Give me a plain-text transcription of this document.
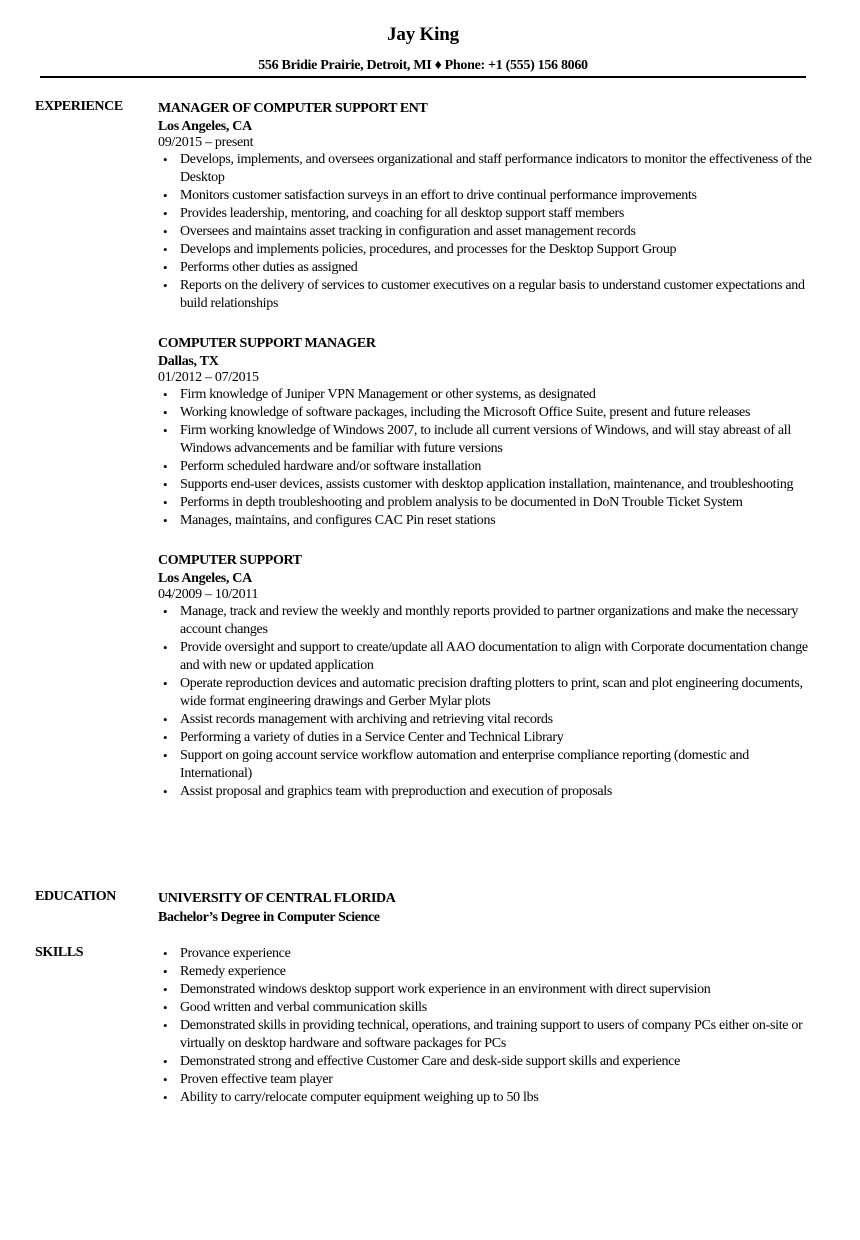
Jay King
556 Bridie Prairie, Detroit, MI ♦ Phone: +1 (555) 156 8060
EXPERIENCE	MANAGER OF COMPUTER SUPPORT ENT
Los Angeles, CA
09/2015 – present
• Develops, implements, and oversees organizational and staff performance indicators to monitor the effectiveness of the Desktop
• Monitors customer satisfaction surveys in an effort to drive continual performance improvements
• Provides leadership, mentoring, and coaching for all desktop support staff members
• Oversees and maintains asset tracking in configuration and asset management records
• Develops and implements policies, procedures, and processes for the Desktop Support Group
• Performs other duties as assigned
• Reports on the delivery of services to customer executives on a regular basis to understand customer expectations and build relationships
COMPUTER SUPPORT MANAGER
Dallas, TX
01/2012 – 07/2015
• Firm knowledge of Juniper VPN Management or other systems, as designated
• Working knowledge of software packages, including the Microsoft Office Suite, present and future releases
• Firm working knowledge of Windows 2007, to include all current versions of Windows, and will stay abreast of all Windows advancements and be familiar with future versions
• Perform scheduled hardware and/or software installation
• Supports end-user devices, assists customer with desktop application installation, maintenance, and troubleshooting
• Performs in depth troubleshooting and problem analysis to be documented in DoN Trouble Ticket System
• Manages, maintains, and configures CAC Pin reset stations
COMPUTER SUPPORT
Los Angeles, CA
04/2009 – 10/2011
• Manage, track and review the weekly and monthly reports provided to partner organizations and make the necessary account changes
• Provide oversight and support to create/update all AAO documentation to align with Corporate documentation change and with new or updated application
• Operate reproduction devices and automatic precision drafting plotters to print, scan and plot engineering documents, wide format engineering drawings and Gerber Mylar plots
• Assist records management with archiving and retrieving vital records
• Performing a variety of duties in a Service Center and Technical Library
• Support on going account service workflow automation and enterprise compliance reporting (domestic and International)
• Assist proposal and graphics team with preproduction and execution of proposals
EDUCATION	UNIVERSITY OF CENTRAL FLORIDA
Bachelor’s Degree in Computer Science
SKILLS	• Provance experience
• Remedy experience
• Demonstrated windows desktop support work experience in an environment with direct supervision
• Good written and verbal communication skills
• Demonstrated skills in providing technical, operations, and training support to users of company PCs either on-site or virtually on desktop hardware and software packages for PCs
• Demonstrated strong and effective Customer Care and desk-side support skills and experience
• Proven effective team player
• Ability to carry/relocate computer equipment weighing up to 50 lbs
